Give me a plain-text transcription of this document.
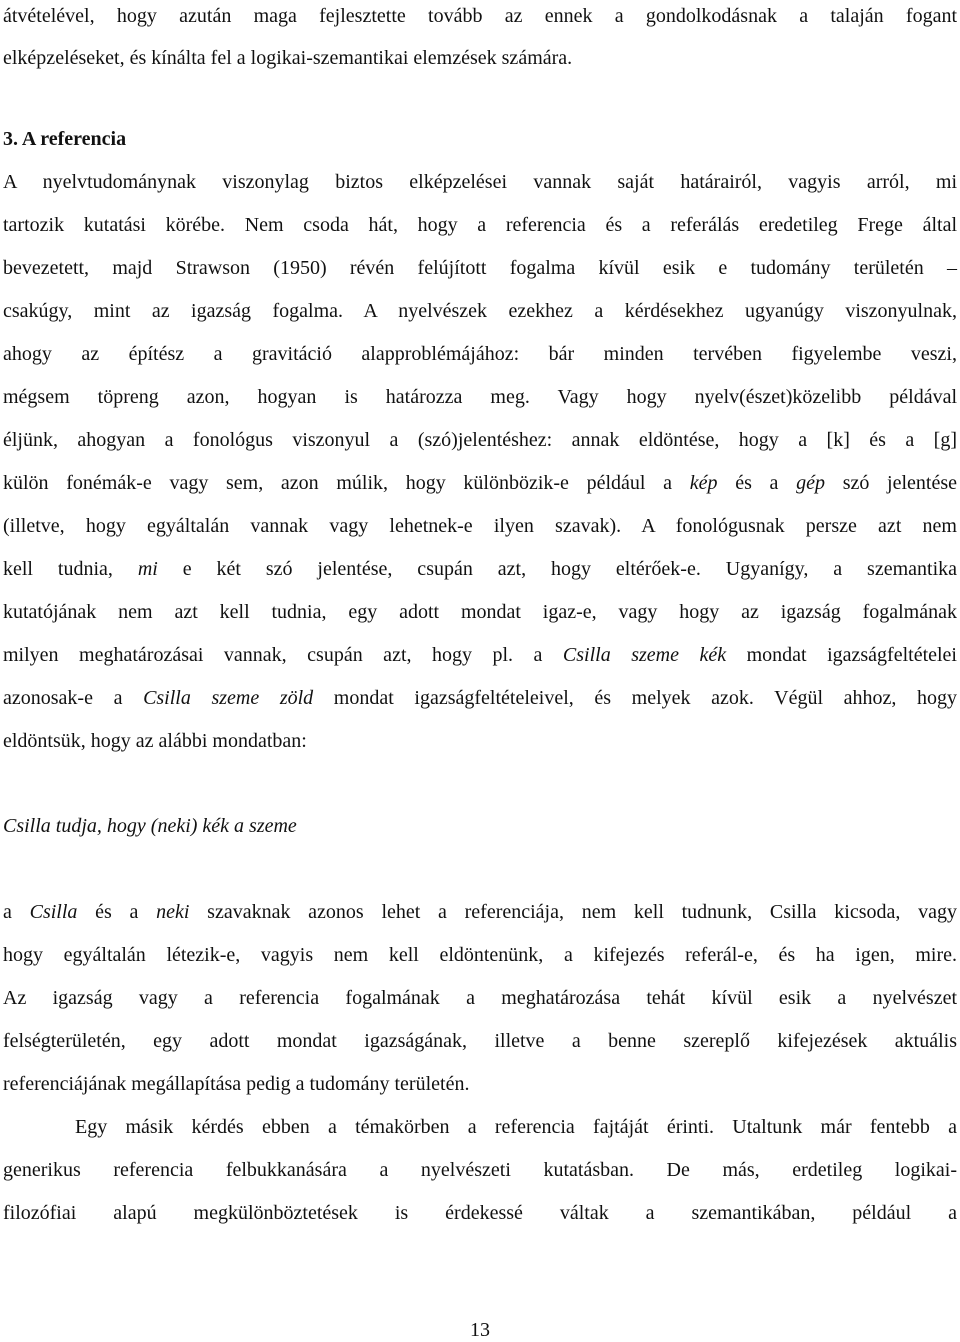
átvételével, hogy azután maga fejlesztette tovább az ennek a gondolkodásnak a talaján fogant
elképzeléseket, és kínálta fel a logikai-szemantikai elemzések számára.
3. A referencia
A nyelvtudománynak viszonylag biztos elképzelései vannak saját határairól, vagyis arról, mi
tartozik kutatási körébe. Nem csoda hát, hogy a referencia és a referálás eredetileg Frege által
bevezetett, majd Strawson (1950) révén felújított fogalma kívül esik e tudomány területén –
csakúgy, mint az igazság fogalma. A nyelvészek ezekhez a kérdésekhez ugyanúgy viszonyulnak,
ahogy az építész a gravitáció alapproblémájához: bár minden tervében figyelembe veszi,
mégsem töpreng azon, hogyan is határozza meg. Vagy hogy nyelv(észet)közelibb példával
éljünk, ahogyan a fonológus viszonyul a (szó)jelentéshez: annak eldöntése, hogy a [k] és a [g]
külön fonémák-e vagy sem, azon múlik, hogy különbözik-e például a kép és a gép szó jelentése
(illetve, hogy egyáltalán vannak vagy lehetnek-e ilyen szavak). A fonológusnak persze azt nem
kell tudnia, mi e két szó jelentése, csupán azt, hogy eltérőek-e. Ugyanígy, a szemantika
kutatójának nem azt kell tudnia, egy adott mondat igaz-e, vagy hogy az igazság fogalmának
milyen meghatározásai vannak, csupán azt, hogy pl. a Csilla szeme kék mondat igazságfeltételei
azonosak-e a Csilla szeme zöld mondat igazságfeltételeivel, és melyek azok. Végül ahhoz, hogy
eldöntsük, hogy az alábbi mondatban:
Csilla tudja, hogy (neki) kék a szeme
a Csilla és a neki szavaknak azonos lehet a referenciája, nem kell tudnunk, Csilla kicsoda, vagy
hogy egyáltalán létezik-e, vagyis nem kell eldöntenünk, a kifejezés referál-e, és ha igen, mire.
Az igazság vagy a referencia fogalmának a meghatározása tehát kívül esik a nyelvészet
felségterületén, egy adott mondat igazságának, illetve a benne szereplő kifejezések aktuális
referenciájának megállapítása pedig a tudomány területén.
Egy másik kérdés ebben a témakörben a referencia fajtáját érinti. Utaltunk már fentebb a
generikus referencia felbukkanására a nyelvészeti kutatásban. De más, erdetileg logikai-
filozófiai alapú megkülönböztetések is érdekessé váltak a szemantikában, például a
13
